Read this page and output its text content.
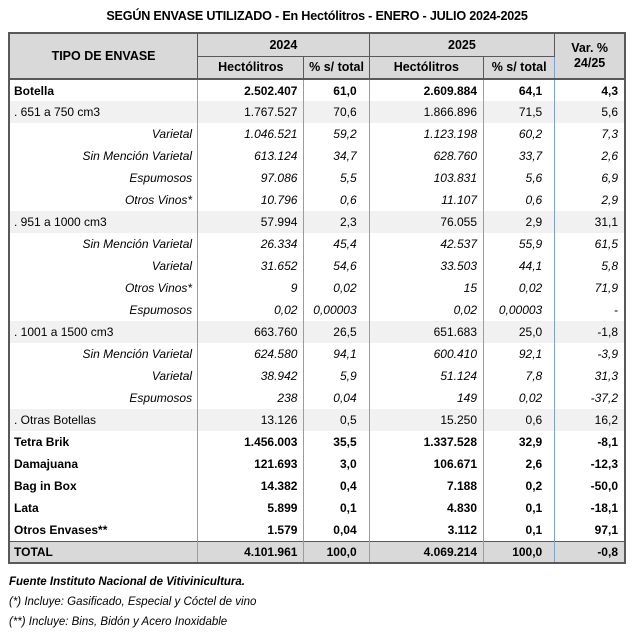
SEGÚN ENVASE UTILIZADO - En Hectólitros - ENERO - JULIO 2024-2025
TIPO DE ENVASE	2024		2025		Var. %
24/25

	Hectólitros	% s/ total	Hectólitros	% s/ total	
Botella	2.502.407	61,0	2.609.884	64,1	4,3
. 651 a 750 cm3	1.767.527	70,6	1.866.896	71,5	5,6
Varietal	1.046.521	59,2	1.123.198	60,2	7,3
Sin Mención Varietal	613.124	34,7	628.760	33,7	2,6
Espumosos	97.086	5,5	103.831	5,6	6,9
Otros Vinos*	10.796	0,6	11.107	0,6	2,9
. 951 a 1000 cm3	57.994	2,3	76.055	2,9	31,1
Sin Mención Varietal	26.334	45,4	42.537	55,9	61,5
Varietal	31.652	54,6	33.503	44,1	5,8
Otros Vinos*	9	0,02	15	0,02	71,9
Espumosos	0,02	0,00003	0,02	0,00003	-
. 1001 a 1500 cm3	663.760	26,5	651.683	25,0	-1,8
Sin Mención Varietal	624.580	94,1	600.410	92,1	-3,9
Varietal	38.942	5,9	51.124	7,8	31,3
Espumosos	238	0,04	149	0,02	-37,2
. Otras Botellas	13.126	0,5	15.250	0,6	16,2
Tetra Brik	1.456.003	35,5	1.337.528	32,9	-8,1
Damajuana	121.693	3,0	106.671	2,6	-12,3
Bag in Box	14.382	0,4	7.188	0,2	-50,0
Lata	5.899	0,1	4.830	0,1	-18,1
Otros Envases**	1.579	0,04	3.112	0,1	97,1
TOTAL	4.101.961	100,0	4.069.214	100,0	-0,8
Fuente Instituto Nacional de Vitivinicultura.
(*) Incluye: Gasificado, Especial y Cóctel de vino
(**) Incluye: Bins, Bidón y Acero Inoxidable
